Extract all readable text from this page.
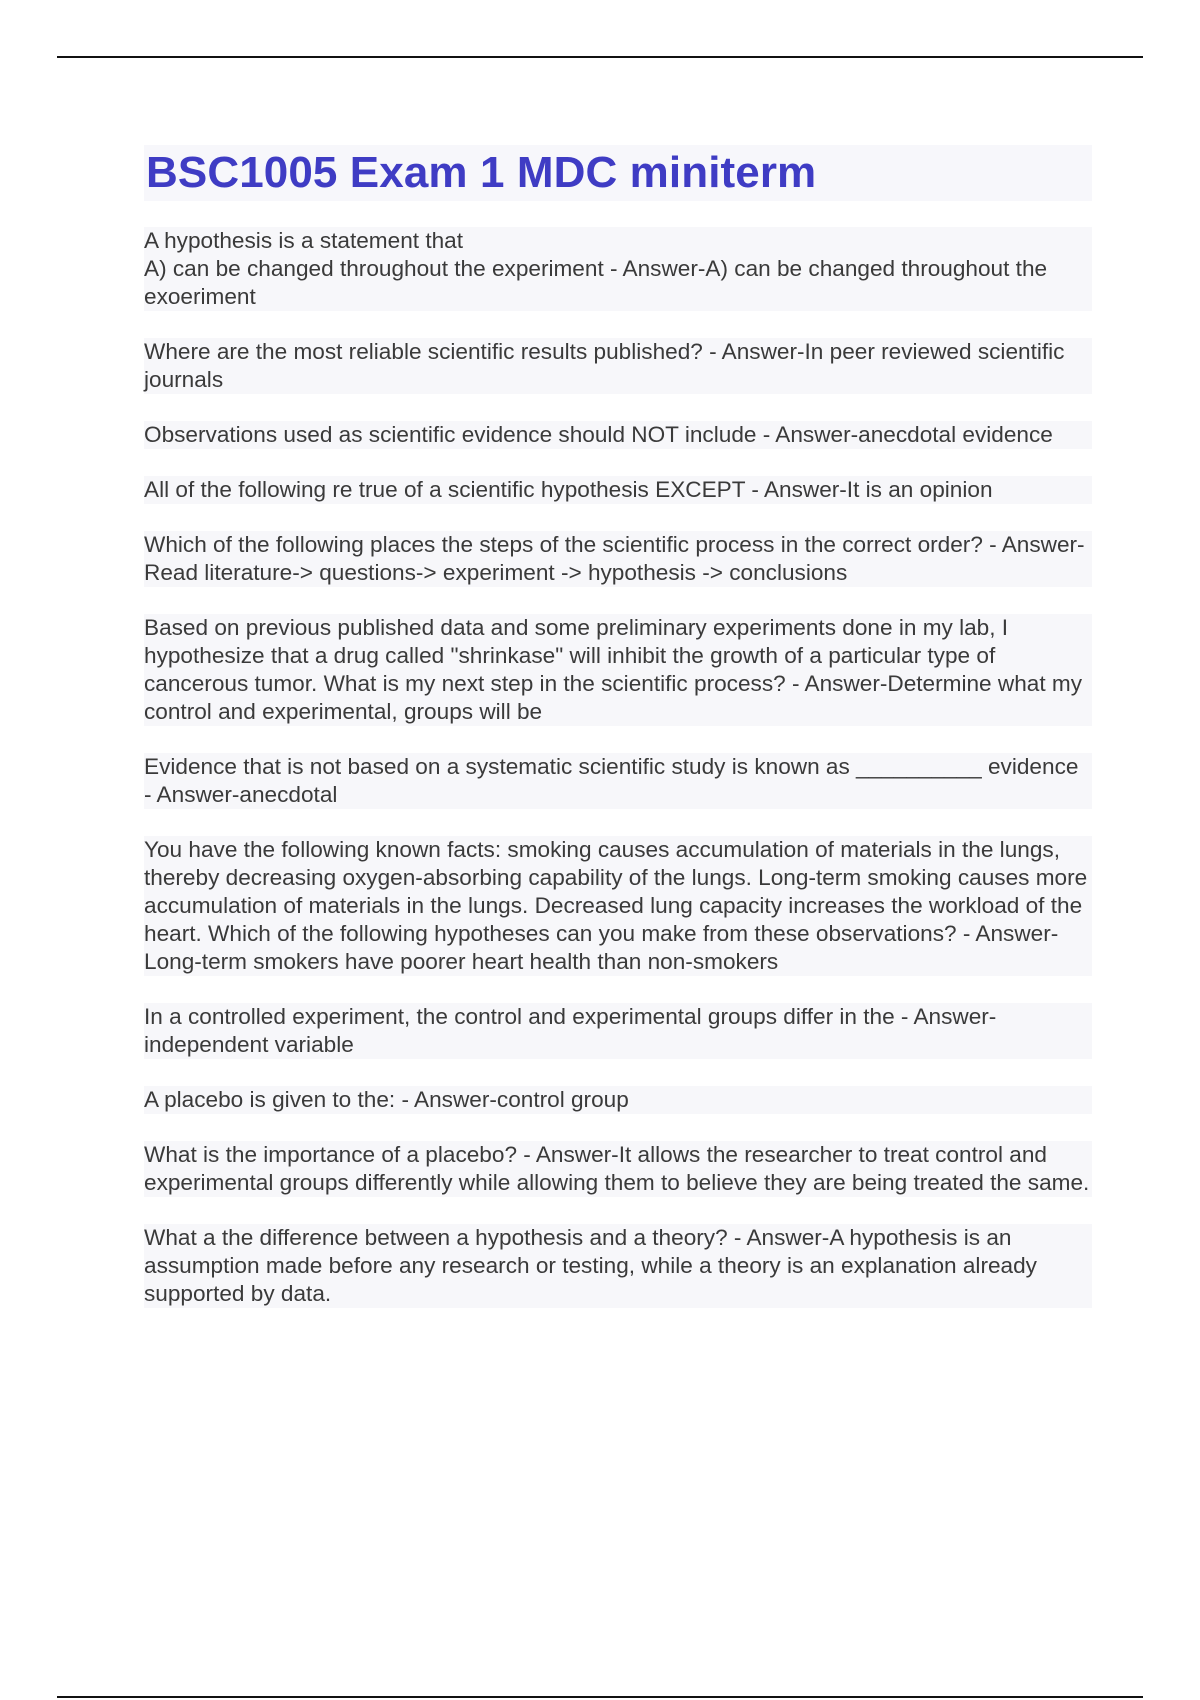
BSC1005 Exam 1 MDC miniterm
A hypothesis is a statement that
A) can be changed throughout the experiment - Answer-A) can be changed throughout the exoeriment
Where are the most reliable scientific results published? - Answer-In peer reviewed scientific journals
Observations used as scientific evidence should NOT include - Answer-anecdotal evidence
All of the following re true of a scientific hypothesis EXCEPT - Answer-It is an opinion
Which of the following places the steps of the scientific process in the correct order? - Answer-Read literature-> questions-> experiment -> hypothesis -> conclusions
Based on previous published data and some preliminary experiments done in my lab, I hypothesize that a drug called "shrinkase" will inhibit the growth of a particular type of cancerous tumor. What is my next step in the scientific process? - Answer-Determine what my control and experimental, groups will be
Evidence that is not based on a systematic scientific study is known as __________ evidence - Answer-anecdotal
You have the following known facts: smoking causes accumulation of materials in the lungs, thereby decreasing oxygen-absorbing capability of the lungs. Long-term smoking causes more accumulation of materials in the lungs. Decreased lung capacity increases the workload of the heart. Which of the following hypotheses can you make from these observations? - Answer-Long-term smokers have poorer heart health than non-smokers
In a controlled experiment, the control and experimental groups differ in the - Answer-independent variable
A placebo is given to the: - Answer-control group
What is the importance of a placebo? - Answer-It allows the researcher to treat control and experimental groups differently while allowing them to believe they are being treated the same.
What a the difference between a hypothesis and a theory? - Answer-A hypothesis is an assumption made before any research or testing, while a theory is an explanation already supported by data.
